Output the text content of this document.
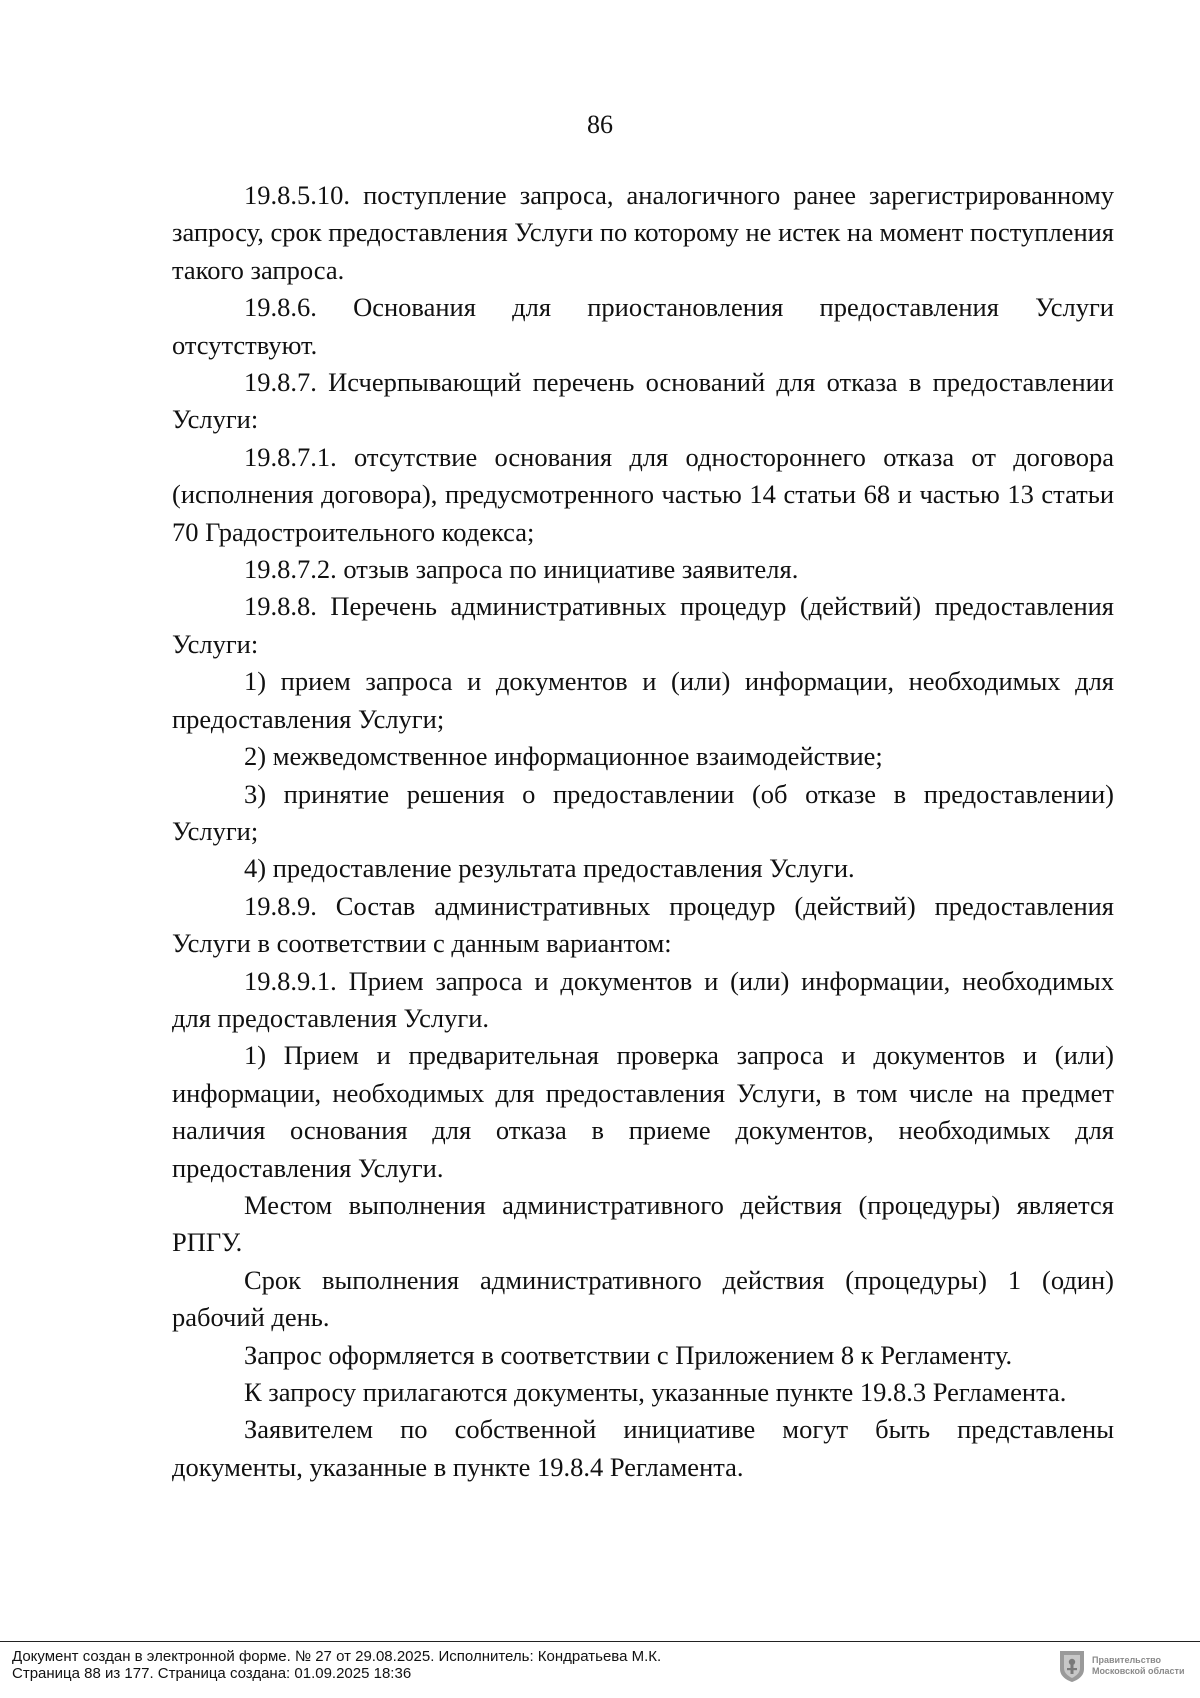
86

19.8.5.10. поступление запроса, аналогичного ранее зарегистрированному запросу, срок предоставления Услуги по которому не истек на момент поступления такого запроса.

19.8.6. Основания для приостановления предоставления Услуги отсутствуют.

19.8.7. Исчерпывающий перечень оснований для отказа в предоставлении Услуги:

19.8.7.1. отсутствие основания для одностороннего отказа от договора (исполнения договора), предусмотренного частью 14 статьи 68 и частью 13 статьи 70 Градостроительного кодекса;

19.8.7.2. отзыв запроса по инициативе заявителя.

19.8.8. Перечень административных процедур (действий) предоставления Услуги:

1) прием запроса и документов и (или) информации, необходимых для предоставления Услуги;

2) межведомственное информационное взаимодействие;

3) принятие решения о предоставлении (об отказе в предоставлении) Услуги;

4) предоставление результата предоставления Услуги.

19.8.9. Состав административных процедур (действий) предоставления Услуги в соответствии с данным вариантом:

19.8.9.1. Прием запроса и документов и (или) информации, необходимых для предоставления Услуги.

1) Прием и предварительная проверка запроса и документов и (или) информации, необходимых для предоставления Услуги, в том числе на предмет наличия основания для отказа в приеме документов, необходимых для предоставления Услуги.

Местом выполнения административного действия (процедуры) является РПГУ.

Срок выполнения административного действия (процедуры) 1 (один) рабочий день.

Запрос оформляется в соответствии с Приложением 8 к Регламенту.

К запросу прилагаются документы, указанные пункте 19.8.3 Регламента.

Заявителем по собственной инициативе могут быть представлены документы, указанные в пункте 19.8.4 Регламента.

Документ создан в электронной форме. № 27 от 29.08.2025. Исполнитель: Кондратьева М.К.
Страница 88 из 177. Страница создана: 01.09.2025 18:36
Правительство
Московской области
